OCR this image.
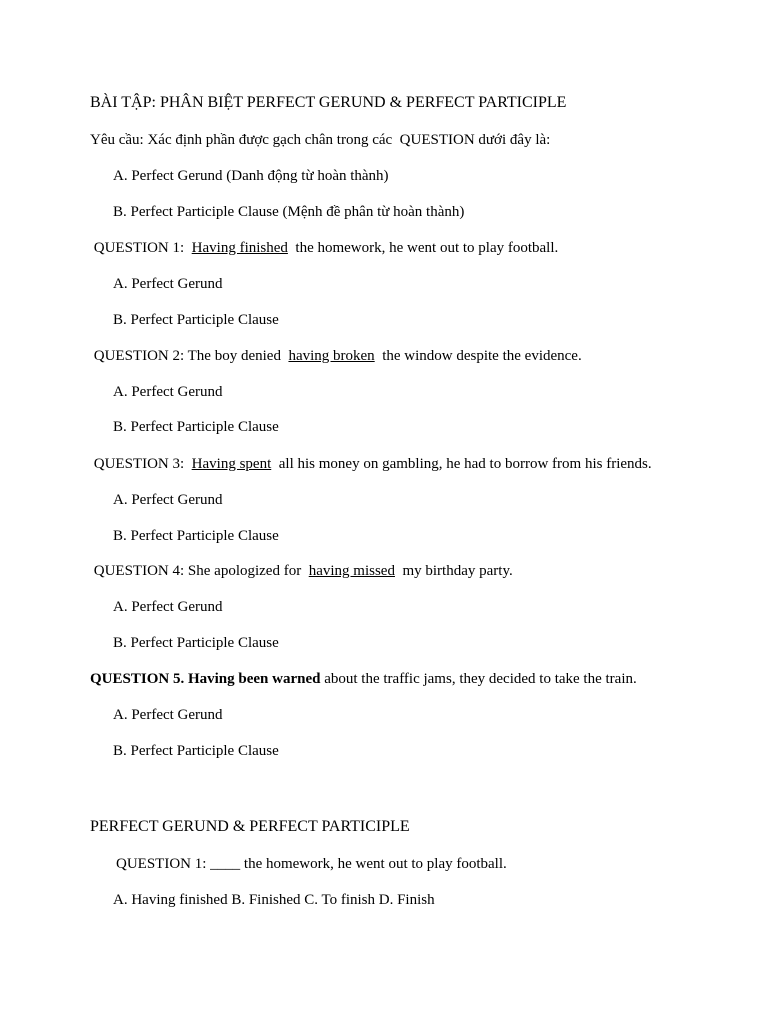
BÀI TẬP: PHÂN BIỆT PERFECT GERUND & PERFECT PARTICIPLE
Yêu cầu: Xác định phần được gạch chân trong các  QUESTION dưới đây là:
A. Perfect Gerund (Danh động từ hoàn thành)
B. Perfect Participle Clause (Mệnh đề phân từ hoàn thành)
QUESTION 1:  Having finished  the homework, he went out to play football.
A. Perfect Gerund
B. Perfect Participle Clause
QUESTION 2: The boy denied  having broken  the window despite the evidence.
A. Perfect Gerund
B. Perfect Participle Clause
QUESTION 3:  Having spent  all his money on gambling, he had to borrow from his friends.
A. Perfect Gerund
B. Perfect Participle Clause
QUESTION 4: She apologized for  having missed  my birthday party.
A. Perfect Gerund
B. Perfect Participle Clause
QUESTION 5. Having been warned about the traffic jams, they decided to take the train.
A. Perfect Gerund
B. Perfect Participle Clause
PERFECT GERUND & PERFECT PARTICIPLE
QUESTION 1: ____ the homework, he went out to play football.
A. Having finished B. Finished C. To finish D. Finish
